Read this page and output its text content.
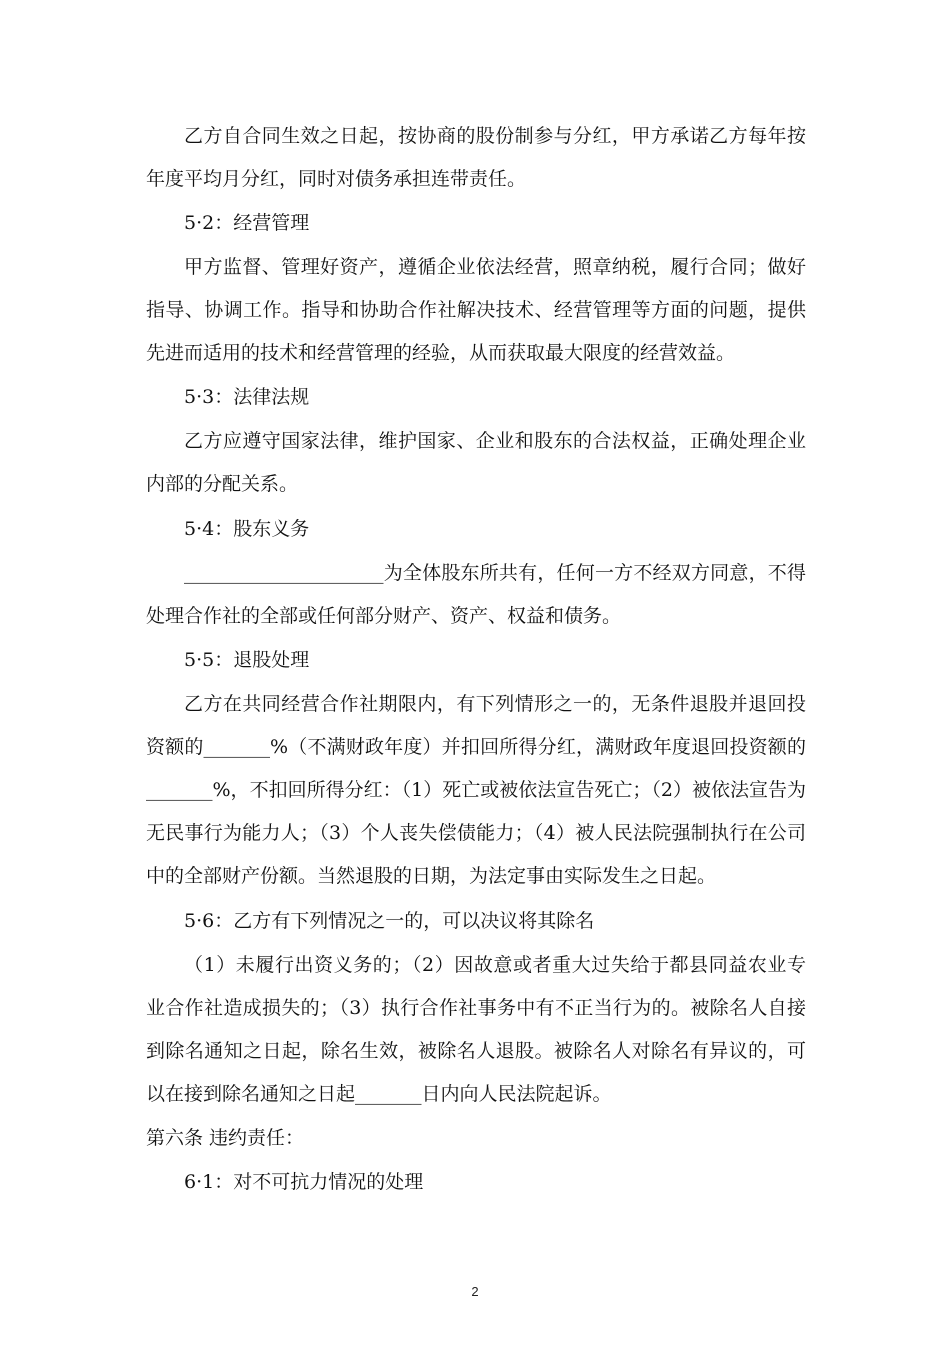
乙方自合同生效之日起，按协商的股份制参与分红，甲方承诺乙方每年按年度平均月分红，同时对债务承担连带责任。

5·2：经营管理

甲方监督、管理好资产，遵循企业依法经营，照章纳税，履行合同；做好指导、协调工作。指导和协助合作社解决技术、经营管理等方面的问题，提供先进而适用的技术和经营管理的经验，从而获取最大限度的经营效益。

5·3：法律法规

乙方应遵守国家法律，维护国家、企业和股东的合法权益，正确处理企业内部的分配关系。

5·4：股东义务

_____________________为全体股东所共有，任何一方不经双方同意，不得处理合作社的全部或任何部分财产、资产、权益和债务。

5·5：退股处理

乙方在共同经营合作社期限内，有下列情形之一的，无条件退股并退回投资额的_______%（不满财政年度）并扣回所得分红，满财政年度退回投资额的_______%，不扣回所得分红：（1）死亡或被依法宣告死亡；（2）被依法宣告为无民事行为能力人；（3）个人丧失偿债能力；（4）被人民法院强制执行在公司中的全部财产份额。当然退股的日期，为法定事由实际发生之日起。

5·6：乙方有下列情况之一的，可以决议将其除名

（1）未履行出资义务的；（2）因故意或者重大过失给于都县同益农业专业合作社造成损失的；（3）执行合作社事务中有不正当行为的。被除名人自接到除名通知之日起，除名生效，被除名人退股。被除名人对除名有异议的，可以在接到除名通知之日起_______日内向人民法院起诉。

第六条 违约责任：

6·1：对不可抗力情况的处理

2
